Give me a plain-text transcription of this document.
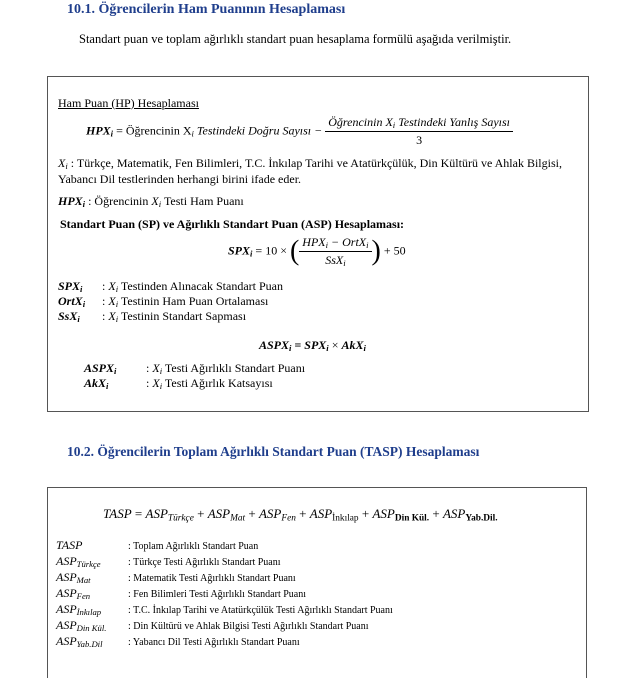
10.1. Öğrencilerin Ham Puanının Hesaplaması
Standart puan ve toplam ağırlıklı standart puan hesaplama formülü aşağıda verilmiştir.
Ham Puan (HP) Hesaplaması
$HPX_i$ = Öğrencinin $X_i$ Testindeki Doğru Sayısı − $\frac{Öğrencinin X_i Testindeki Yanlış Sayısı}{3}$
$X_i$ : Türkçe, Matematik, Fen Bilimleri, T.C. İnkılap Tarihi ve Atatürkçülük, Din Kültürü ve Ahlak Bilgisi,
Yabancı Dil testlerinden herhangi birini ifade eder.
$HPX_i$ : Öğrencinin $X_i$ Testi Ham Puanı
Standart Puan (SP) ve Ağırlıklı Standart Puan (ASP) Hesaplaması:
$SPX_i = 10$ × ( $\frac{HPX_i - OrtX_i}{SsX_i}$ ) + 50
$SPX_i$ : $X_i$ Testinden Alınacak Standart Puan
OrtX$_i$ : $X_i$ Testinin Ham Puan Ortalaması
SsX$_i$ : $X_i$ Testinin Standart Sapması
$ASPX_i = SPX_i \times AkX_i$
$ASPX_i$ : $X_i$ Testi Ağırlıklı Standart Puanı
AkX$_i$	: $X_i$ Testi Ağırlık Katsayısı
10.2. Öğrencilerin Toplam Ağırlıklı Standart Puan (TASP) Hesaplaması
TASP = $ASP_{Türkçe} + ASP_{Mat} + ASP_{Fen} + ASP_{İnkılap} + ASP_{Din Kül.} + ASP_{Yab.Dil.}$
TASP	: Toplam Ağırlıklı Standart Puan
$ASP_{Türkçe}$	: Türkçe Testi Ağırlıklı Standart Puanı
$ASP_{Mat}$	: Matematik Testi Ağırlıklı Standart Puanı
$ASP_{Fen}$	: Fen Bilimleri Testi Ağırlıklı Standart Puanı
$ASP_{İnkılap}$	: T.C. İnkılap Tarihi ve Atatürkçülük Testi Ağırlıklı Standart Puanı
$ASP_{Din Kül.}$ : Din Kültürü ve Ahlak Bilgisi Testi Ağırlıklı Standart Puanı
$ASP_{Yab.Dil}$	: Yabancı Dil Testi Ağırlıklı Standart Puanı
